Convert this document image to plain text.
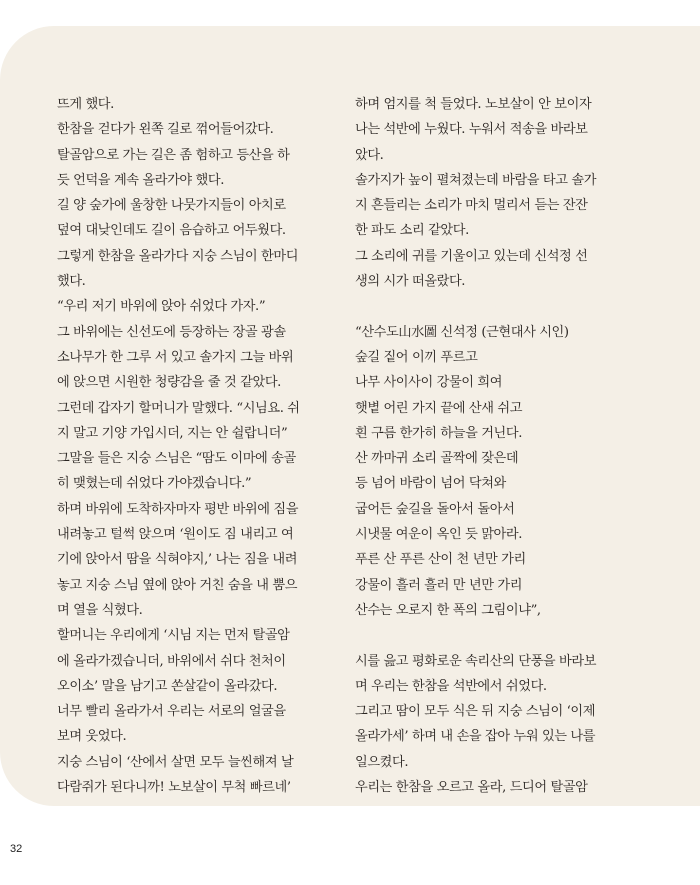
뜨게 했다.
한참을 걷다가 왼쪽 길로 꺾어들어갔다.
탈골암으로 가는 길은 좀 험하고 등산을 하
듯 언덕을 계속 올라가야 했다.
길 양 숲가에 울창한 나뭇가지들이 아치로
덮여 대낮인데도 길이 음습하고 어두웠다.
그렇게 한참을 올라가다 지숭 스님이 한마디
했다.
“우리 저기 바위에 앉아 쉬었다 가자.”
그 바위에는 신선도에 등장하는 장골 광솔
소나무가 한 그루 서 있고 솔가지 그늘 바위
에 앉으면 시원한 청량감을 줄 것 같았다.
그런데 갑자기 할머니가 말했다. “시님요. 쉬
지 말고 기양 가입시더, 지는 안 쉴랍니더”
그말을 들은 지숭 스님은 “땀도 이마에 송골
히 맺혔는데 쉬었다 가야겠습니다.”
하며 바위에 도착하자마자 평반 바위에 짐을
내려놓고 털썩 앉으며 ‘원이도 짐 내리고 여
기에 앉아서 땀을 식혀야지,’ 나는 짐을 내려
놓고 지숭 스님 옆에 앉아 거친 숨을 내 뿜으
며 열을 식혔다.
할머니는 우리에게 ‘시님 지는 먼저 탈골암
에 올라가겠습니더, 바위에서 쉬다 천처이
오이소’ 말을 남기고 쏜살같이 올라갔다.
너무 빨리 올라가서 우리는 서로의 얼굴을
보며 웃었다.
지숭 스님이 ‘산에서 살면 모두 늘씬해져 날
다람쥐가 된다니까! 노보살이 무척 빠르네’
하며 엄지를 척 들었다. 노보살이 안 보이자
나는 석반에 누웠다. 누워서 적송을 바라보
았다.
솔가지가 높이 펼쳐졌는데 바람을 타고 솔가
지 흔들리는 소리가 마치 멀리서 듣는 잔잔
한 파도 소리 같았다.
그 소리에 귀를 기울이고 있는데 신석정 선
생의 시가 떠올랐다.
“산수도山水圖 신석정 (근현대사 시인)
숲길 짙어 이끼 푸르고
나무 사이사이 강물이 희여
햇볕 어린 가지 끝에 산새 쉬고
흰 구름 한가히 하늘을 거닌다.
산 까마귀 소리 골짝에 잦은데
등 넘어 바람이 넘어 닥쳐와
굽어든 숲길을 돌아서 돌아서
시냇물 여운이 옥인 듯 맑아라.
푸른 산 푸른 산이 천 년만 가리
강물이 흘러 흘러 만 년만 가리
산수는 오로지 한 폭의 그림이냐”,
시를 읊고 평화로운 속리산의 단풍을 바라보
며 우리는 한참을 석반에서 쉬었다.
그리고 땀이 모두 식은 뒤 지숭 스님이 ‘이제
올라가세’ 하며 내 손을 잡아 누워 있는 나를
일으켰다.
우리는 한참을 오르고 올라, 드디어 탈골암
32
